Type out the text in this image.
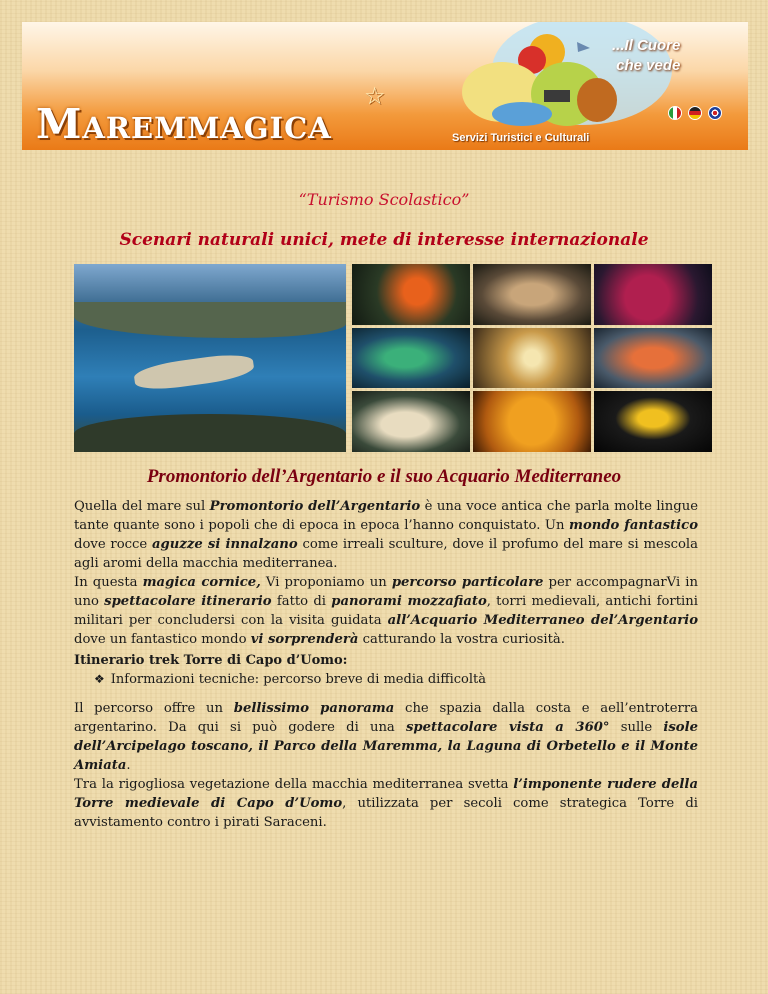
☆
Maremmagica	Servizi Turistici e Culturali
...Il Cuore
che vede
“Turismo Scolastico”
Scenari naturali unici, mete di interesse internazionale
Promontorio dell’Argentario e il suo Acquario Mediterraneo

Quella del mare sul Promontorio dell’Argentario è una voce antica che parla molte lingue tante quante sono i popoli che di epoca in epoca l’hanno conquistato. Un mondo fantastico dove rocce aguzze si innalzano come irreali sculture, dove il profumo del mare si mescola agli aromi della macchia mediterranea.

In questa magica cornice, Vi proponiamo un percorso particolare per accompagnarVi in uno spettacolare itinerario fatto di panorami mozzafiato, torri medievali, antichi fortini militari per concludersi con la visita guidata all’Acquario Mediterraneo del’Argentario dove un fantastico mondo vi sorprenderà catturando la vostra curiosità.

Itinerario trek Torre di Capo d’Uomo:

❖ Informazioni tecniche: percorso breve di media difficoltà

Il percorso offre un bellissimo panorama che spazia dalla costa e aell’entroterra argentarino. Da qui si può godere di una spettacolare vista a 360° sulle isole dell’Arcipelago toscano, il Parco della Maremma, la Laguna di Orbetello e il Monte Amiata.

Tra la rigogliosa vegetazione della macchia mediterranea svetta l’imponente rudere della Torre medievale di Capo d’Uomo, utilizzata per secoli come strategica Torre di avvistamento contro i pirati Saraceni.
